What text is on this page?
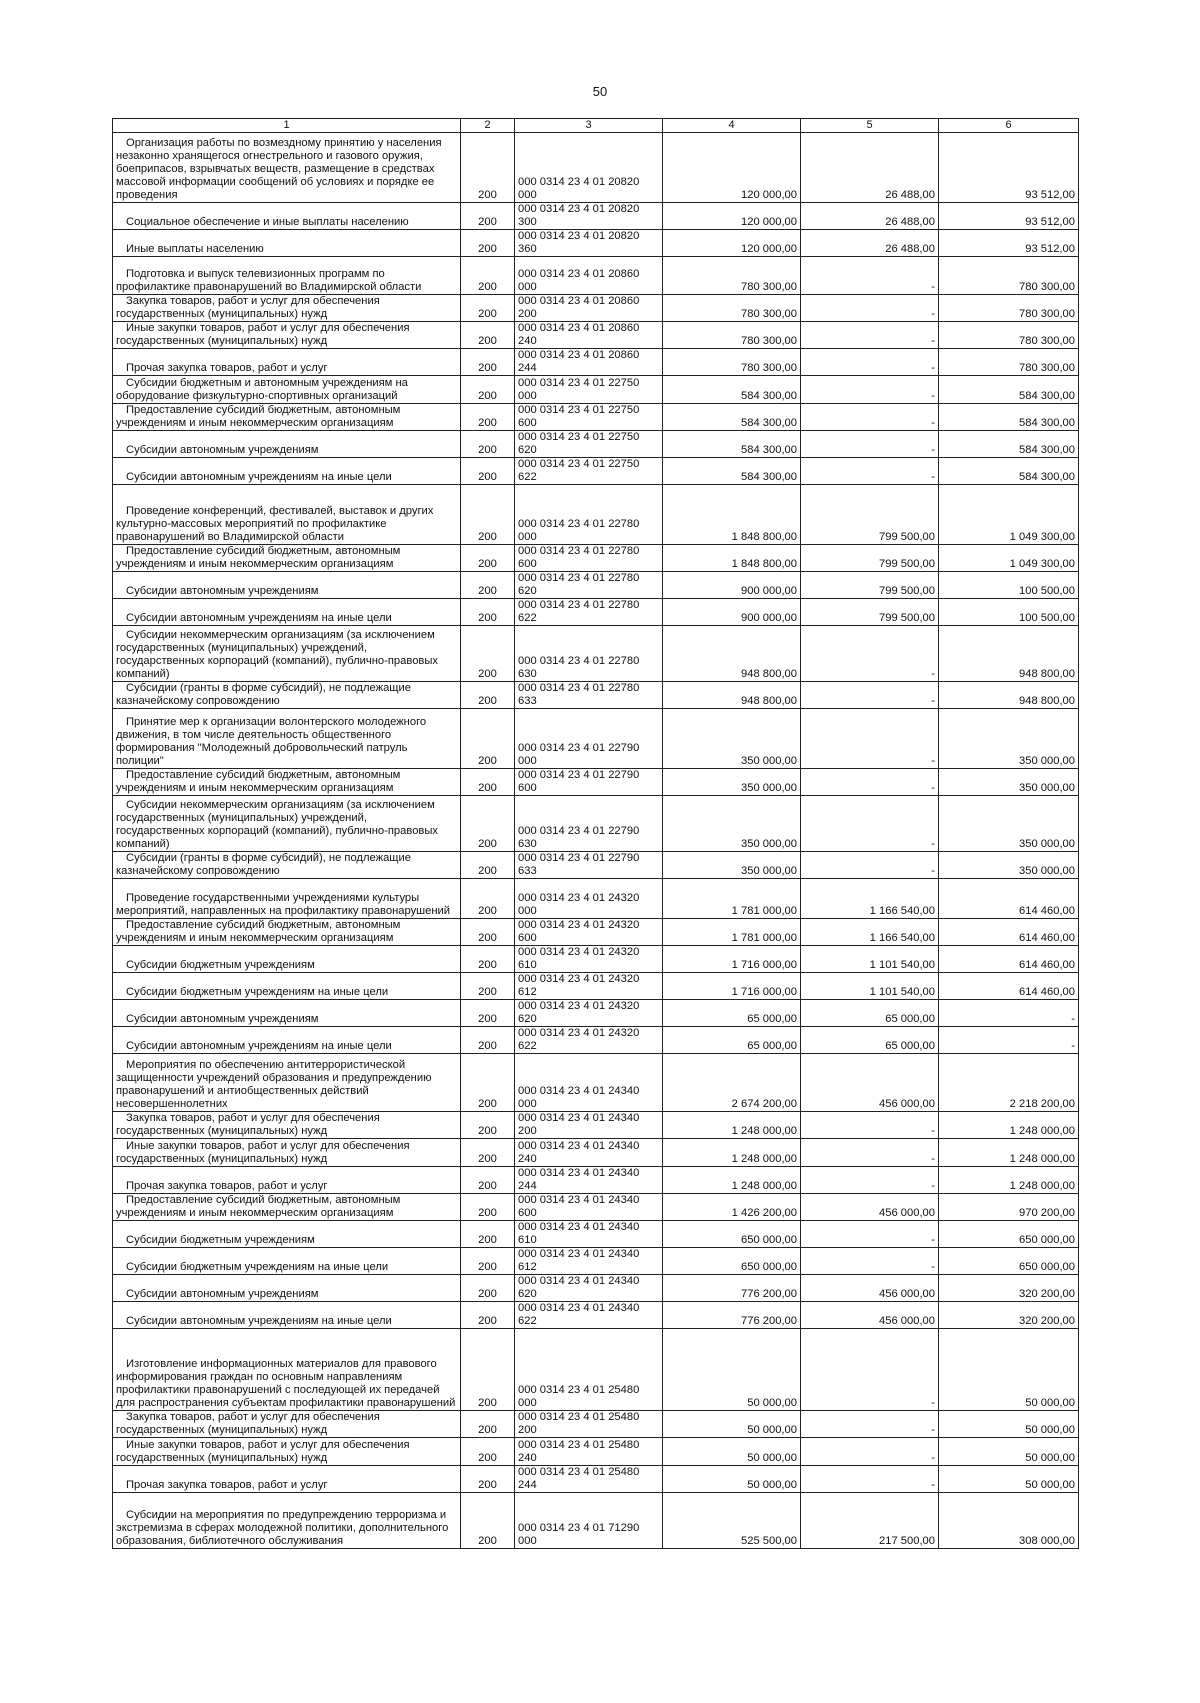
50
1	2	3	4	5	6
Организация работы по возмездному принятию у населения незаконно хранящегося огнестрельного и газового оружия, боеприпасов, взрывчатых веществ, размещение в средствах массовой информации сообщений об условиях и порядке ее проведения	200	000 0314 23 4 01 20820 000	120 000,00	26 488,00	93 512,00
Социальное обеспечение и иные выплаты населению	200	000 0314 23 4 01 20820 300	120 000,00	26 488,00	93 512,00
Иные выплаты населению	200	000 0314 23 4 01 20820 360	120 000,00	26 488,00	93 512,00
Подготовка и выпуск телевизионных программ по профилактике правонарушений во Владимирской области	200	000 0314 23 4 01 20860 000	780 300,00	-	780 300,00
Закупка товаров, работ и услуг для обеспечения государственных (муниципальных) нужд	200	000 0314 23 4 01 20860 200	780 300,00	-	780 300,00
Иные закупки товаров, работ и услуг для обеспечения государственных (муниципальных) нужд	200	000 0314 23 4 01 20860 240	780 300,00	-	780 300,00
Прочая закупка товаров, работ и услуг	200	000 0314 23 4 01 20860 244	780 300,00	-	780 300,00
Субсидии бюджетным и автономным учреждениям на оборудование физкультурно-спортивных организаций	200	000 0314 23 4 01 22750 000	584 300,00	-	584 300,00
Предоставление субсидий бюджетным, автономным учреждениям и иным некоммерческим организациям	200	000 0314 23 4 01 22750 600	584 300,00	-	584 300,00
Субсидии автономным учреждениям	200	000 0314 23 4 01 22750 620	584 300,00	-	584 300,00
Субсидии автономным учреждениям на иные цели	200	000 0314 23 4 01 22750 622	584 300,00	-	584 300,00
Проведение конференций, фестивалей, выставок и других культурно-массовых мероприятий по профилактике правонарушений во Владимирской области	200	000 0314 23 4 01 22780 000	1 848 800,00	799 500,00	1 049 300,00
Предоставление субсидий бюджетным, автономным учреждениям и иным некоммерческим организациям	200	000 0314 23 4 01 22780 600	1 848 800,00	799 500,00	1 049 300,00
Субсидии автономным учреждениям	200	000 0314 23 4 01 22780 620	900 000,00	799 500,00	100 500,00
Субсидии автономным учреждениям на иные цели	200	000 0314 23 4 01 22780 622	900 000,00	799 500,00	100 500,00
Субсидии некоммерческим организациям (за исключением государственных (муниципальных) учреждений, государственных корпораций (компаний), публично-правовых компаний)	200	000 0314 23 4 01 22780 630	948 800,00	-	948 800,00
Субсидии (гранты в форме субсидий), не подлежащие казначейскому сопровождению	200	000 0314 23 4 01 22780 633	948 800,00	-	948 800,00
Принятие мер к организации волонтерского молодежного движения, в том числе деятельность общественного формирования "Молодежный добровольческий патруль полиции"	200	000 0314 23 4 01 22790 000	350 000,00	-	350 000,00
Предоставление субсидий бюджетным, автономным учреждениям и иным некоммерческим организациям	200	000 0314 23 4 01 22790 600	350 000,00	-	350 000,00
Субсидии некоммерческим организациям (за исключением государственных (муниципальных) учреждений, государственных корпораций (компаний), публично-правовых компаний)	200	000 0314 23 4 01 22790 630	350 000,00	-	350 000,00
Субсидии (гранты в форме субсидий), не подлежащие казначейскому сопровождению	200	000 0314 23 4 01 22790 633	350 000,00	-	350 000,00
Проведение государственными учреждениями культуры мероприятий, направленных на профилактику правонарушений	200	000 0314 23 4 01 24320 000	1 781 000,00	1 166 540,00	614 460,00
Предоставление субсидий бюджетным, автономным учреждениям и иным некоммерческим организациям	200	000 0314 23 4 01 24320 600	1 781 000,00	1 166 540,00	614 460,00
Субсидии бюджетным учреждениям	200	000 0314 23 4 01 24320 610	1 716 000,00	1 101 540,00	614 460,00
Субсидии бюджетным учреждениям на иные цели	200	000 0314 23 4 01 24320 612	1 716 000,00	1 101 540,00	614 460,00
Субсидии автономным учреждениям	200	000 0314 23 4 01 24320 620	65 000,00	65 000,00	-
Субсидии автономным учреждениям на иные цели	200	000 0314 23 4 01 24320 622	65 000,00	65 000,00	-
Мероприятия по обеспечению антитеррористической защищенности учреждений образования и предупреждению правонарушений и антиобщественных действий несовершеннолетних	200	000 0314 23 4 01 24340 000	2 674 200,00	456 000,00	2 218 200,00
Закупка товаров, работ и услуг для обеспечения государственных (муниципальных) нужд	200	000 0314 23 4 01 24340 200	1 248 000,00	-	1 248 000,00
Иные закупки товаров, работ и услуг для обеспечения государственных (муниципальных) нужд	200	000 0314 23 4 01 24340 240	1 248 000,00	-	1 248 000,00
Прочая закупка товаров, работ и услуг	200	000 0314 23 4 01 24340 244	1 248 000,00	-	1 248 000,00
Предоставление субсидий бюджетным, автономным учреждениям и иным некоммерческим организациям	200	000 0314 23 4 01 24340 600	1 426 200,00	456 000,00	970 200,00
Субсидии бюджетным учреждениям	200	000 0314 23 4 01 24340 610	650 000,00	-	650 000,00
Субсидии бюджетным учреждениям на иные цели	200	000 0314 23 4 01 24340 612	650 000,00	-	650 000,00
Субсидии автономным учреждениям	200	000 0314 23 4 01 24340 620	776 200,00	456 000,00	320 200,00
Субсидии автономным учреждениям на иные цели	200	000 0314 23 4 01 24340 622	776 200,00	456 000,00	320 200,00
Изготовление информационных материалов для правового информирования граждан по основным направлениям профилактики правонарушений с последующей их передачей для распространения субъектам профилактики правонарушений	200	000 0314 23 4 01 25480 000	50 000,00	-	50 000,00
Закупка товаров, работ и услуг для обеспечения государственных (муниципальных) нужд	200	000 0314 23 4 01 25480 200	50 000,00	-	50 000,00
Иные закупки товаров, работ и услуг для обеспечения государственных (муниципальных) нужд	200	000 0314 23 4 01 25480 240	50 000,00	-	50 000,00
Прочая закупка товаров, работ и услуг	200	000 0314 23 4 01 25480 244	50 000,00	-	50 000,00
Субсидии на мероприятия по предупреждению терроризма и экстремизма в сферах молодежной политики, дополнительного образования, библиотечного обслуживания	200	000 0314 23 4 01 71290 000	525 500,00	217 500,00	308 000,00
